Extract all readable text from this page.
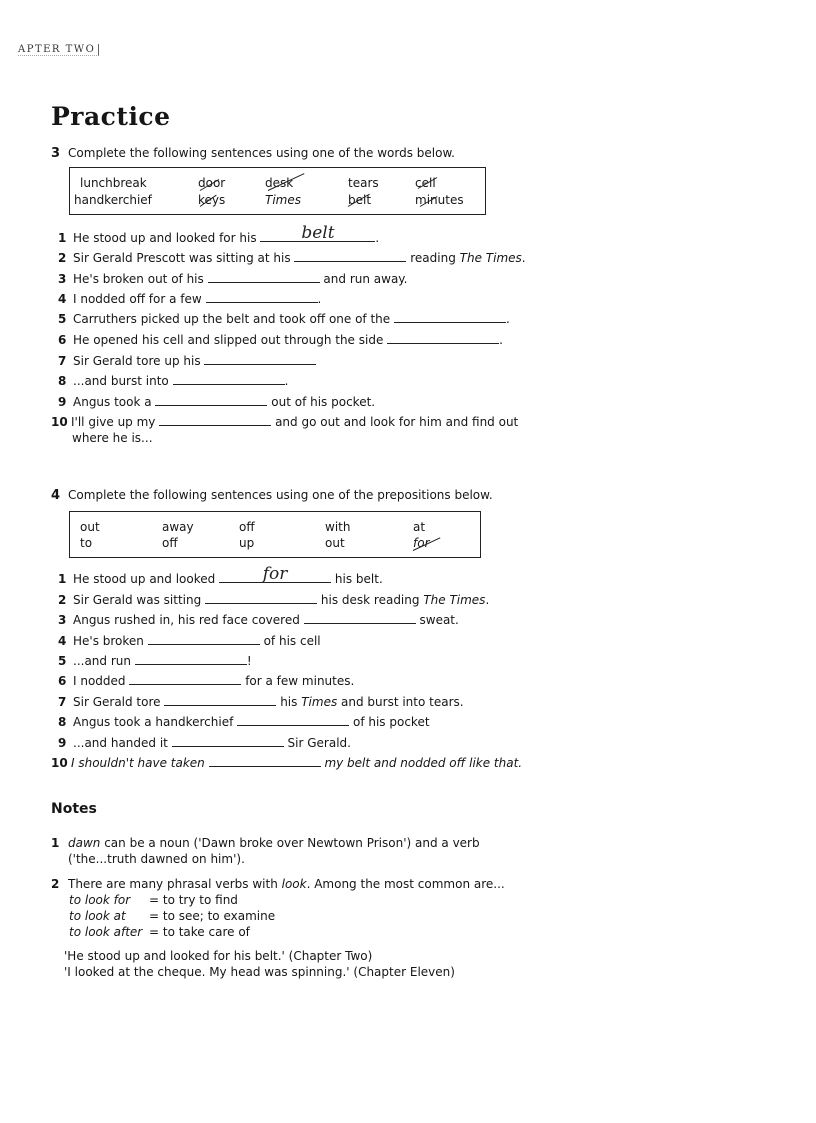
APTER TWO
Practice
3 Complete the following sentences using one of the words below.
lunchbreak	door	desk	tears	cell
handkerchief	keys	Times	belt	minutes
1 He stood up and looked for his	belt	.
2 Sir Gerald Prescott was sitting at his	reading The Times.
3 He's broken out of his	and run away.
4 I nodded off for a few	.
5 Carruthers picked up the belt and took off one of the	.
6 He opened his cell and slipped out through the side	.
7 Sir Gerald tore up his
8 ...and burst into	.
9 Angus took a	out of his pocket.
10 I'll give up my	and go out and look for him and find out
where he is...
4 Complete the following sentences using one of the prepositions below.
out	away	off	with	at
to	off	up	out	for
1 He stood up and looked	for	his belt.
2 Sir Gerald was sitting	his desk reading The Times.
3 Angus rushed in, his red face covered	sweat.
4 He's broken	of his cell
5 ...and run	!
6 I nodded	for a few minutes.
7 Sir Gerald tore	his Times and burst into tears.
8 Angus took a handkerchief	of his pocket
9 ...and handed it	Sir Gerald.
10 I shouldn't have taken	my belt and nodded off like that.
Notes
1 dawn can be a noun ('Dawn broke over Newtown Prison') and a verb
('the...truth dawned on him').
2 There are many phrasal verbs with look. Among the most common are...
to look for = to try to find
to look at = to see; to examine
to look after = to take care of
'He stood up and looked for his belt.' (Chapter Two)
'I looked at the cheque. My head was spinning.' (Chapter Eleven)
